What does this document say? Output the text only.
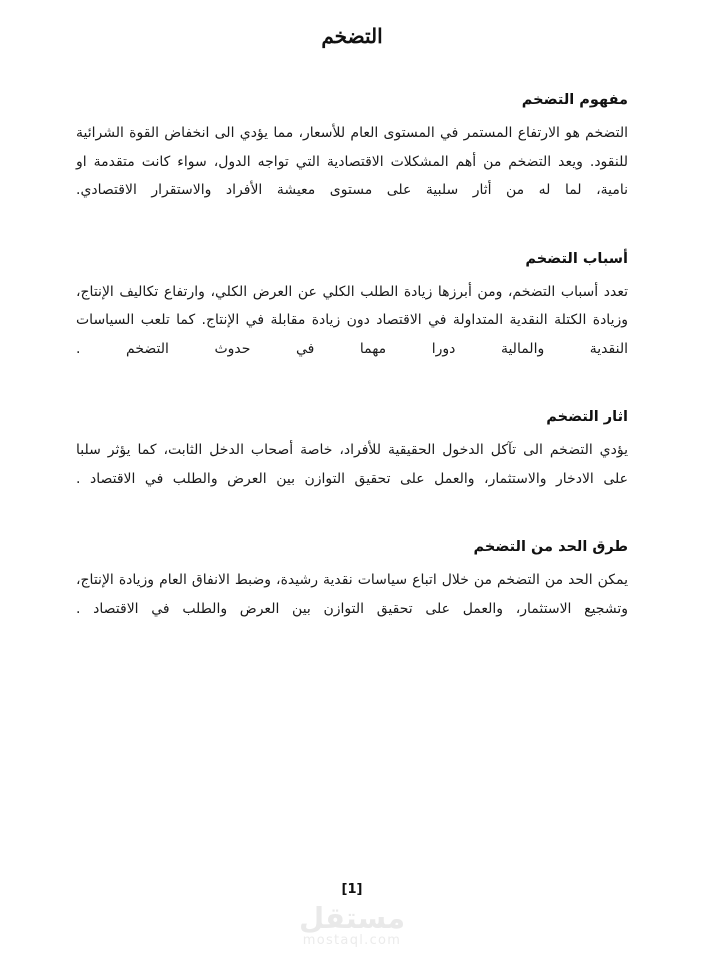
التضخم
مفهوم التضخم

التضخم هو الارتفاع المستمر في المستوى العام للأسعار، مما يؤدي الى انخفاض القوة الشرائية للنقود. ويعد التضخم من أهم المشكلات الاقتصادية التي تواجه الدول، سواء كانت متقدمة او نامية، لما له من أثار سلبية على مستوى معيشة الأفراد والاستقرار الاقتصادي.

أسباب التضخم

تعدد أسباب التضخم، ومن أبرزها زيادة الطلب الكلي عن العرض الكلي، وارتفاع تكاليف الإنتاج، وزيادة الكتلة النقدية المتداولة في الاقتصاد دون زيادة مقابلة في الإنتاج. كما تلعب السياسات النقدية والمالية دورا مهما في حدوث التضخم .

اثار التضخم

يؤدي التضخم الى تآكل الدخول الحقيقية للأفراد، خاصة أصحاب الدخل الثابت، كما يؤثر سلبا على الادخار والاستثمار، والعمل على تحقيق التوازن بين العرض والطلب في الاقتصاد .

طرق الحد من التضخم

يمكن الحد من التضخم من خلال اتباع سياسات نقدية رشيدة، وضبط الانفاق العام وزيادة الإنتاج، وتشجيع الاستثمار، والعمل على تحقيق التوازن بين العرض والطلب في الاقتصاد .

[1]
مستقل
mostaql.com
